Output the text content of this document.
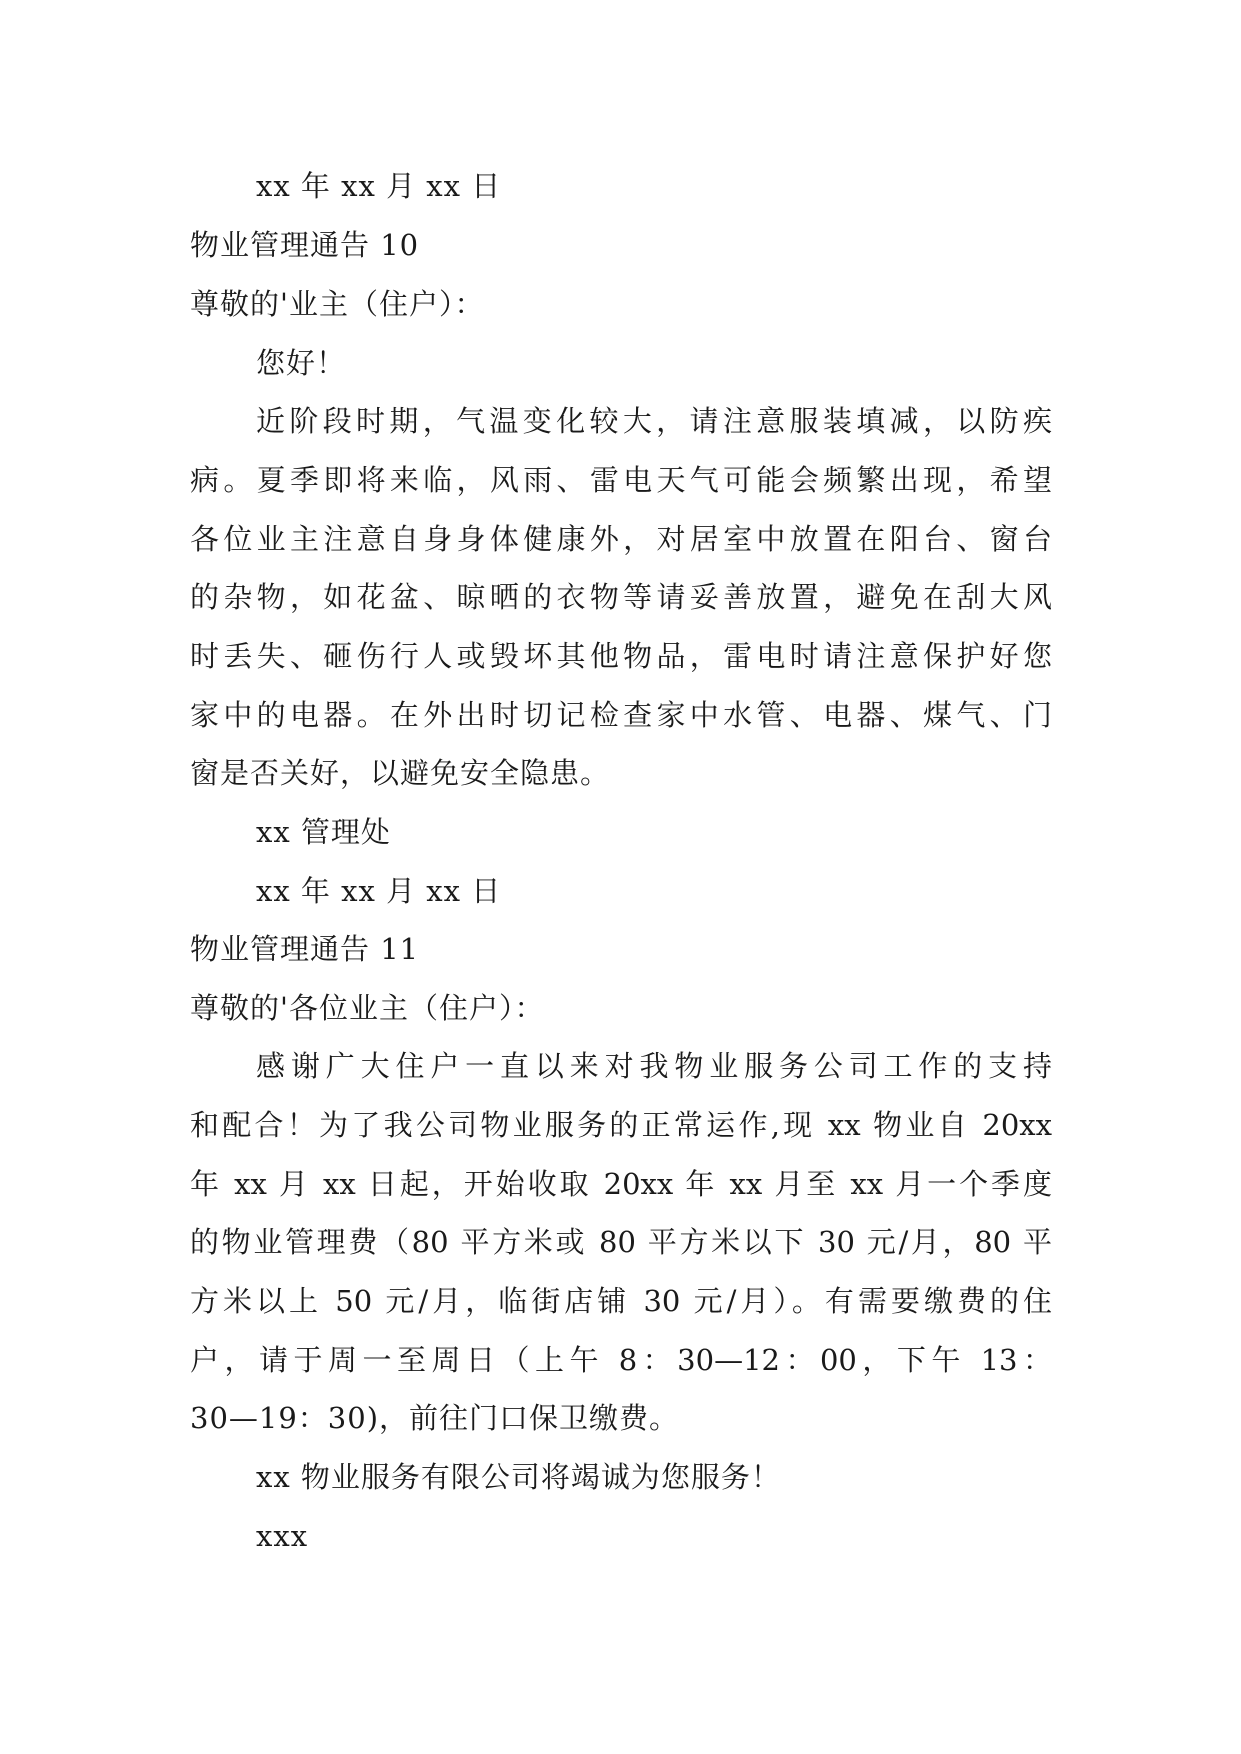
xx 年 xx 月 xx 日
物业管理通告 10
尊敬的'业主（住户）：
您好！
近阶段时期，气温变化较大，请注意服装填减，以防疾
病。夏季即将来临，风雨、雷电天气可能会频繁出现，希望
各位业主注意自身身体健康外，对居室中放置在阳台、窗台
的杂物，如花盆、晾晒的衣物等请妥善放置，避免在刮大风
时丢失、砸伤行人或毁坏其他物品，雷电时请注意保护好您
家中的电器。在外出时切记检查家中水管、电器、煤气、门
窗是否关好，以避免安全隐患。
xx 管理处
xx 年 xx 月 xx 日
物业管理通告 11
尊敬的'各位业主（住户）：
感谢广大住户一直以来对我物业服务公司工作的支持
和配合！为了我公司物业服务的正常运作,现 xx 物业自 20xx
年 xx 月 xx 日起，开始收取 20xx 年 xx 月至 xx 月一个季度
的物业管理费（80 平方米或 80 平方米以下 30 元/月，80 平
方米以上 50 元/月，临街店铺 30 元/月）。有需要缴费的住
户，请于周一至周日（上午 8：30—12：00，下午 13：
30—19：30)，前往门口保卫缴费。
xx 物业服务有限公司将竭诚为您服务！
xxx
